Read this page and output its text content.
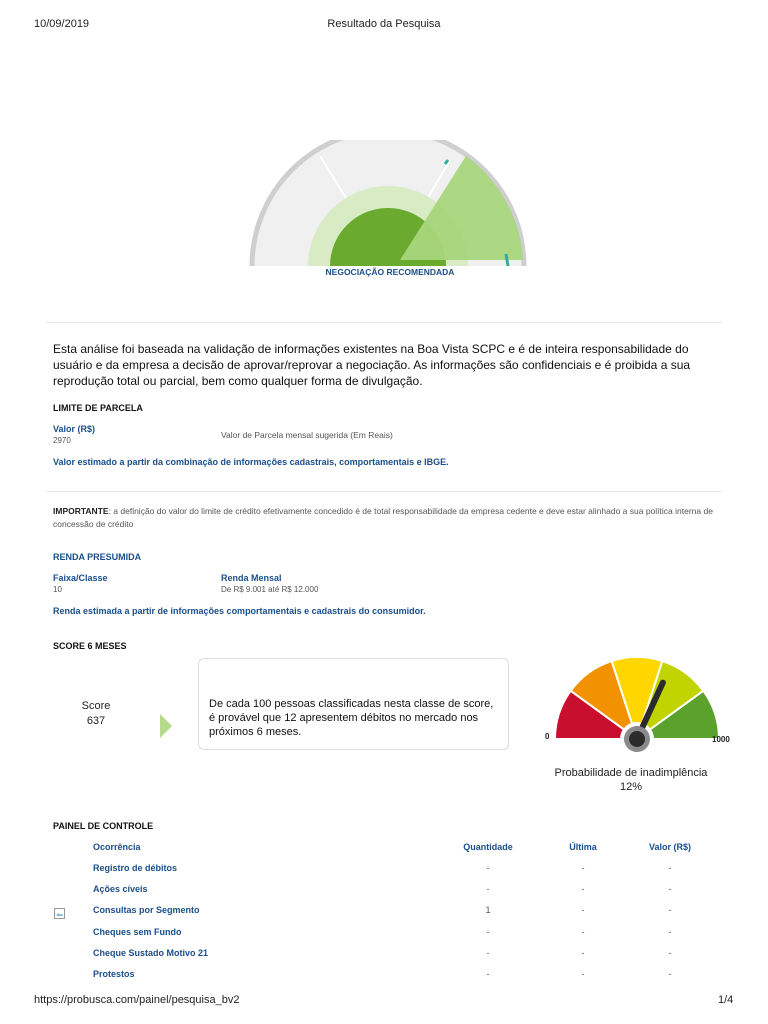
10/09/2019	Resultado da Pesquisa
NEGOCIAÇÃO RECOMENDADA
Esta análise foi baseada na validação de informações existentes na Boa Vista SCPC e é de inteira responsabilidade do usuário e da empresa a decisão de aprovar/reprovar a negociação. As informações são confidenciais e é proibida a sua reprodução total ou parcial, bem como qualquer forma de divulgação.
LIMITE DE PARCELA
Valor (R$)
2970
Valor de Parcela mensal sugerida (Em Reais)
Valor estimado a partir da combinação de informações cadastrais, comportamentais e IBGE.
IMPORTANTE: a definição do valor do limite de crédito efetivamente concedido é de total responsabilidade da empresa cedente e deve estar alinhado a sua política interna de concessão de crédito
RENDA PRESUMIDA
Faixa/Classe
10
Renda Mensal
De R$ 9.001 até R$ 12.000
Renda estimada a partir de informações comportamentais e cadastrais do consumidor.
SCORE 6 MESES
Score
637
De cada 100 pessoas classificadas nesta classe de score, é provável que 12 apresentem débitos no mercado nos próximos 6 meses.	0	1000
Probabilidade de inadimplência
12%
PAINEL DE CONTROLE
Ocorrência	Quantidade	Última	Valor (R$)
Registro de débitos	-	-	-
Ações cíveis	-	-	-
Consultas por Segmento	1	-	-
Cheques sem Fundo	-	-	-
Cheque Sustado Motivo 21	-	-	-
Protestos	-	-	-
https://probusca.com/painel/pesquisa_bv2	1/4
